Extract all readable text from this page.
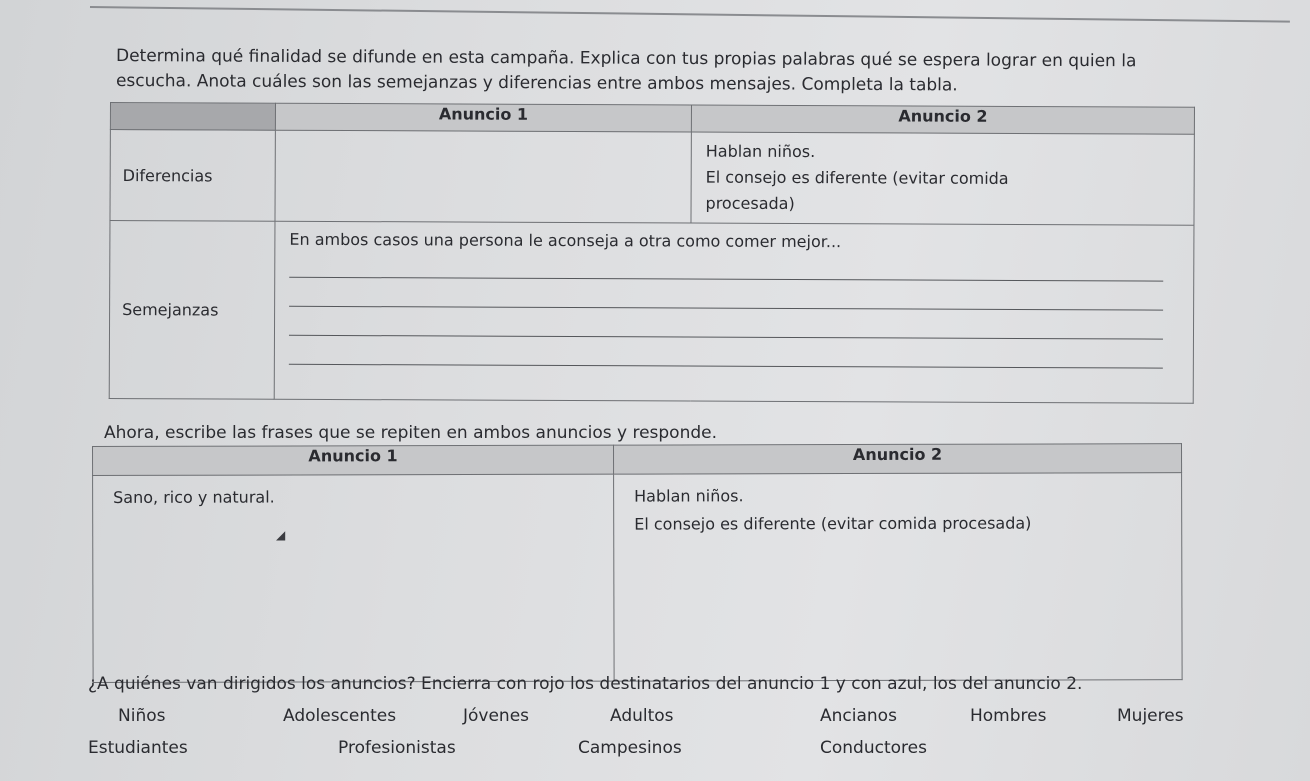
Determina qué finalidad se difunde en esta campaña. Explica con tus propias palabras qué se espera lograr en quien la
escucha. Anota cuáles son las semejanzas y diferencias entre ambos mensajes. Completa la tabla.
	Anuncio 1	Anuncio 2
Diferencias		Hablan niños.
El consejo es diferente (evitar comida
procesada)

Semejanzas	En ambos casos una persona le aconseja a otra como comer mejor...	
Ahora, escribe las frases que se repiten en ambos anuncios y responde.
Anuncio 1	Anuncio 2

Sano, rico y natural.	Hablan niños.
El consejo es diferente (evitar comida procesada)
◢
¿A quiénes van dirigidos los anuncios? Encierra con rojo los destinatarios del anuncio 1 y con azul, los del anuncio 2.
Niños	Adolescentes	Jóvenes	Adultos	Ancianos	Hombres	Mujeres
Estudiantes	Profesionistas	Campesinos	Conductores
